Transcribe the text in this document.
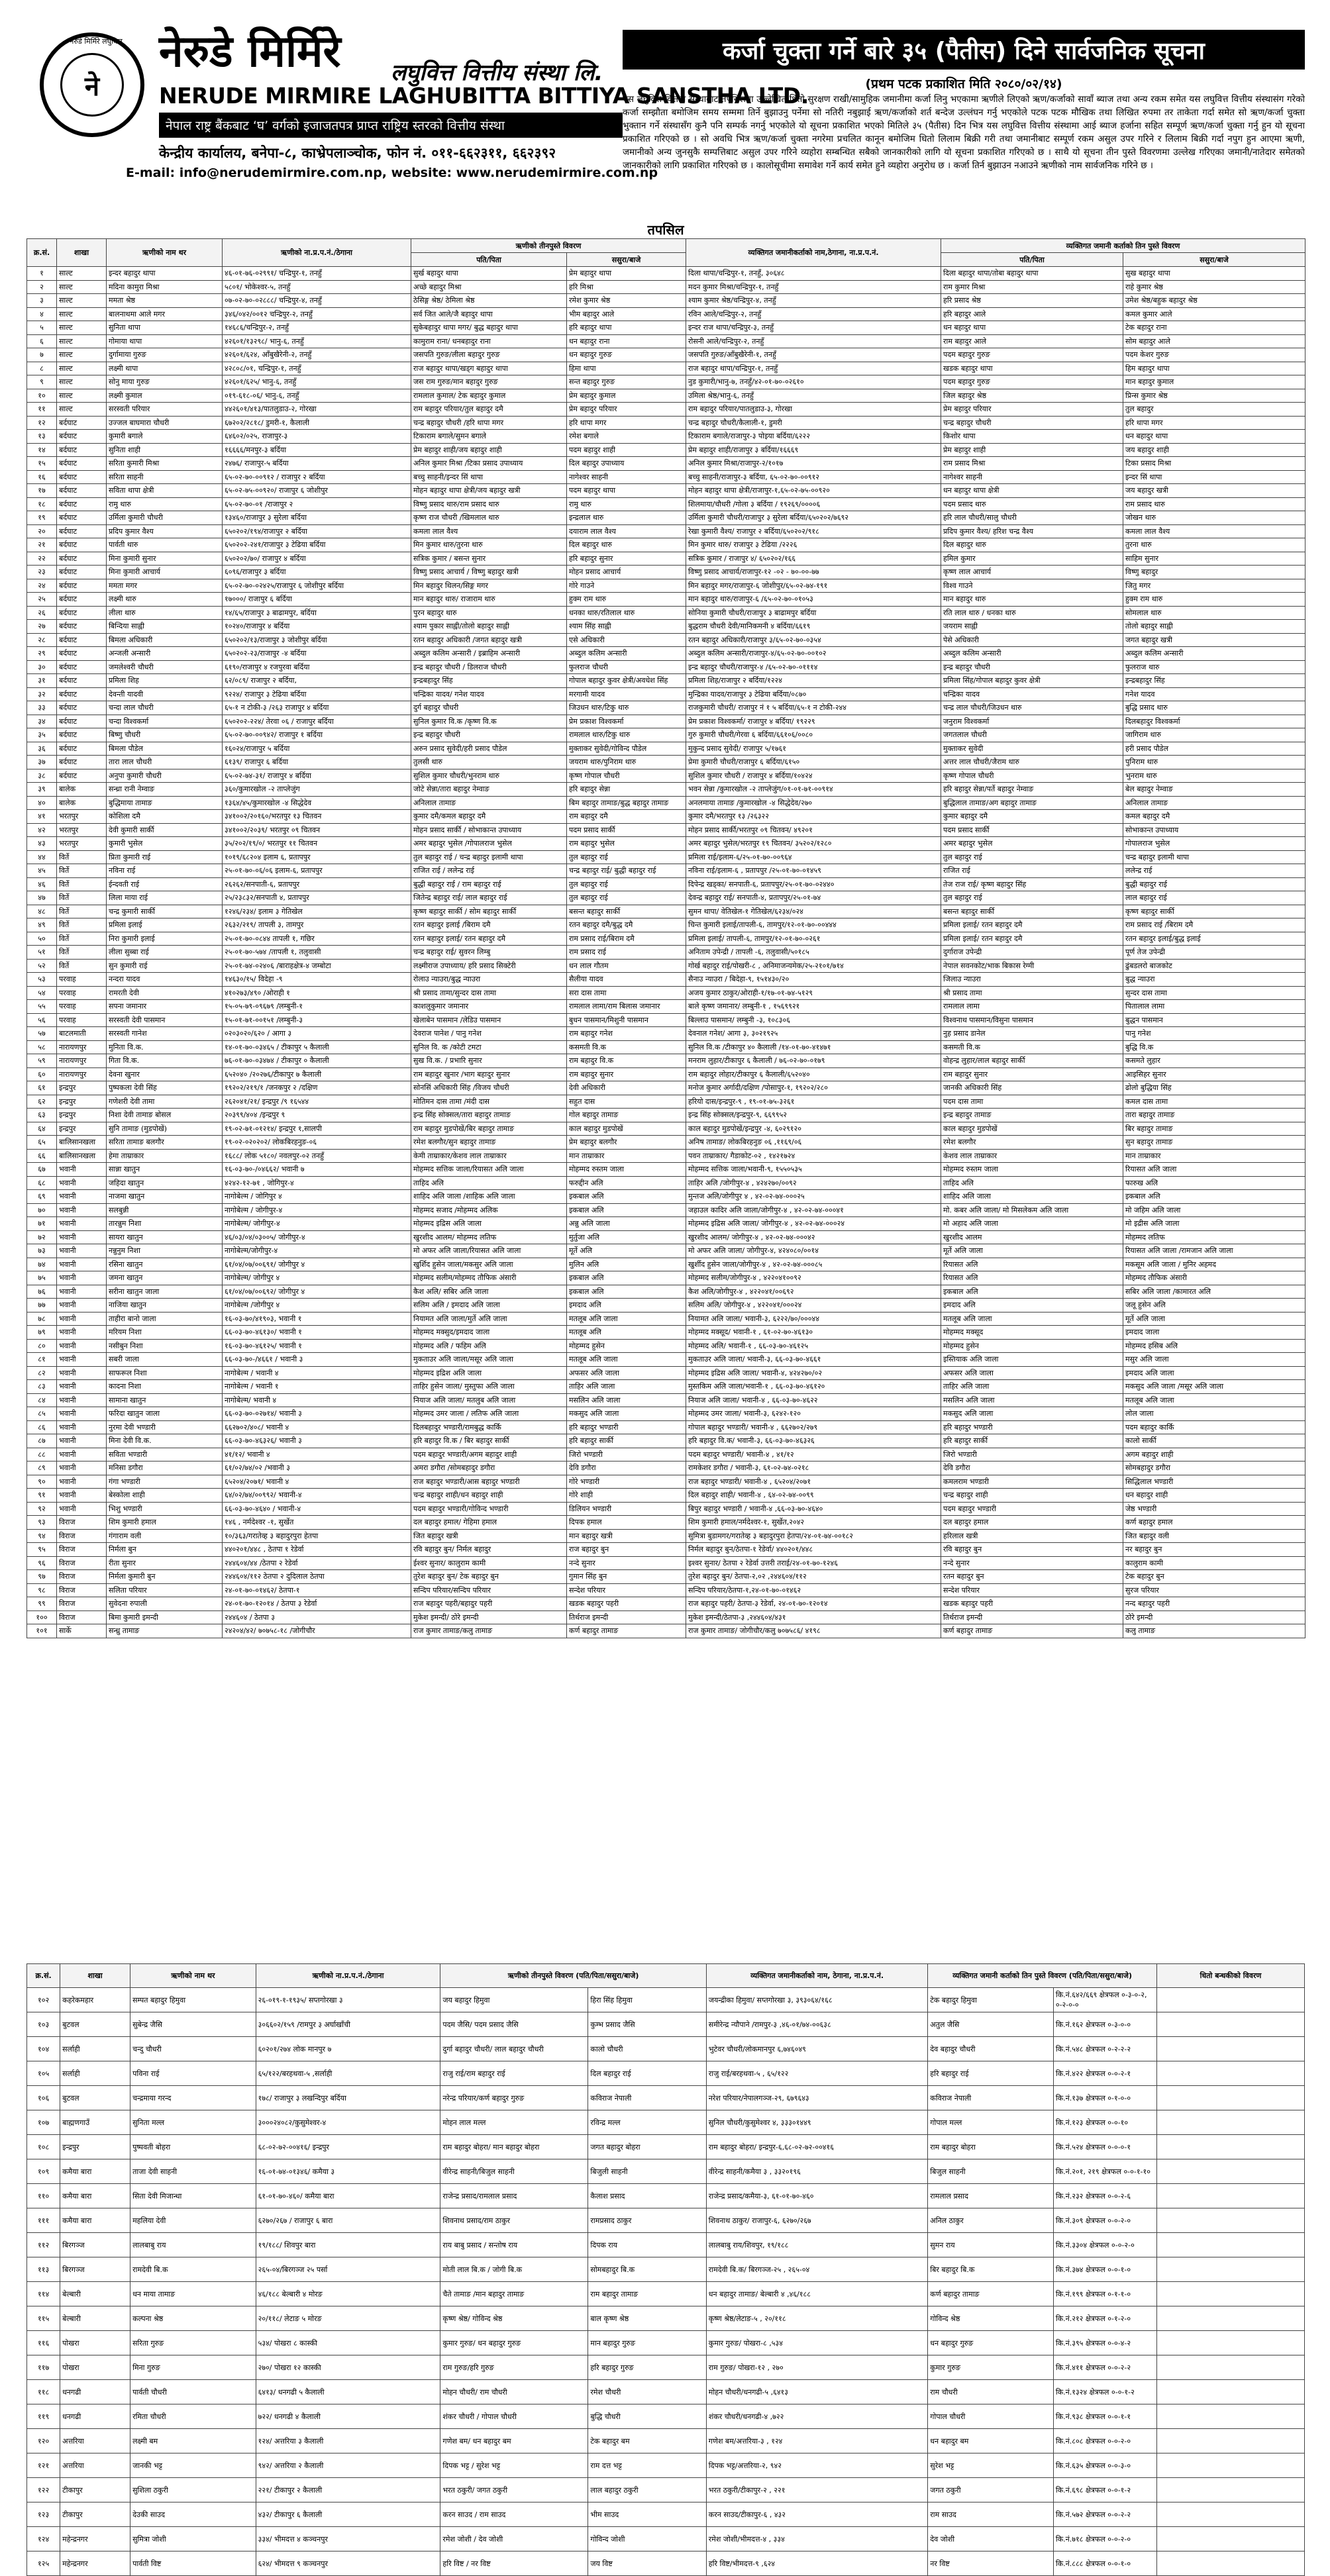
नेरुडे मिर्मिरे लघुवित्त
ने
नेरुडे मिर्मिरे लघुवित्त वित्तीय संस्था लि.
NERUDE MIRMIRE LAGHUBITTA BITTIYA SANSTHA LTD.
नेपाल राष्ट्र बैंकबाट ‘घ’ वर्गको इजाजतपत्र प्राप्त राष्ट्रिय स्तरको वित्तीय संस्था
केन्द्रीय कार्यालय, बनेपा-८, काभ्रेपलाञ्चोक, फोन नं. ०११-६६२३११, ६६२३९२
E-mail: info@nerudemirmire.com.np, website: www.nerudemirmire.com.np
कर्जा चुक्ता गर्ने बारे ३५ (पैतीस) दिने सार्वजनिक सूचना
(प्रथम पटक प्रकाशित मिति २०८०/०२/१४)
यस लघुवित्त वित्तीय संस्थाबाट तपसिलमा उल्लेखित धितो सुरक्षण राखी/सामुहिक जमानीमा कर्जा लिनु भएकामा ऋणीले लिएको ऋण/कर्जाको सावाँ ब्याज तथा अन्य रकम समेत यस लघुवित्त वित्तीय संस्थासंग गरेको कर्जा सम्झौता बमोजिम समय सम्ममा तिर्ने बुझाउनु पर्नेमा सो नतिरी नबुझाई ऋण/कर्जाको शर्त बन्देज उल्लंघन गर्नु भएकोले पटक पटक मौखिक तथा लिखित रुपमा तर ताकेता गर्दा समेत सो ऋण/कर्जा चुक्ता भुक्तान गर्ने संस्थासँग कुनै पनि सम्पर्क नगर्नु भएकोले यो सूचना प्रकाशित भएको मितिले ३५ (पैतीस) दिन भित्र यस लघुवित्त वित्तीय संस्थामा आई ब्याज हर्जाना सहित सम्पूर्ण ऋण/कर्जा चुक्ता गर्नु हुन यो सूचना प्रकाशित गरिएको छ । सो अवधि भित्र ऋण/कर्जा चुक्ता नगरेमा प्रचलित कानून बमोजिम धितो लिलाम बिक्री गरी तथा जमानीबाट सम्पूर्ण रकम असुल उपर गरिने र लिलाम बिक्री गर्दा नपुग हुन आएमा ऋणी, जमानीको अन्य जुनसुकै सम्पत्तिबाट असुल उपर गरिने व्यहोरा सम्बन्धित सबैको जानकारीको लागि यो सूचना प्रकाशित गरिएको छ । साथै यो सूचना तीन पुस्ते विवरणमा उल्लेख गरिएका जमानी/नातेदार समेतको जानकारीको लागि प्रकाशित गरिएको छ । कालोसूचीमा समावेश गर्ने कार्य समेत हुने व्यहोरा अनुरोध छ । कर्जा तिर्न बुझाउन नआउने ऋणीको नाम सार्वजनिक गरिने छ ।
तपसिल
क्र.सं.	शाखा	ऋणीको नाम थर	ऋणीको ना.प्र.प.नं./ठेगाना	ऋणीको तीनपुस्ते विवरण		व्यक्तिगत जमानीकर्ताको नाम,ठेगाना, ना.प्र.प.नं.	व्यक्तिगत जमानी कर्ताको तिन पुस्ते विवरण	
				पति/पिता	ससुरा/बाजे		पति/पिता	ससुरा/बाजे
१	साल्ट	इन्दर बहादुर थापा	४६-०१-७६-०२९९१/ चन्द्रिपुर-१, तनहुँ	सुर्ख बहादुर थापा	प्रेम बहादुर थापा	दिला थापा/चन्द्रिपुर-१, तनहुँ, ३०६४८	दिला बहादुर थापा/तोबा बहादुर थापा	सुख बहादुर थापा
२	साल्ट	मदिना कामुरा मिश्रा	५८०१/ भोकेश्वर-५, तनहुँ	अच्छे बहादुर मिश्रा	हरि मिश्रा	मदन कुमार मिश्रा/चन्द्रिपुर-१, तनहुँ	राम कुमार मिश्रा	राहे कुमार श्रेष्ठ
३	साल्ट	ममता श्रेष्ठ	०७-०२-७०-०२८८८/ चन्द्रिपुर-४, तनहुँ	ठेसिङ्ग श्रेष्ठ/ ठेमिला श्रेष्ठ	रमेश कुमार श्रेष्ठ	श्याम कुमार श्रेष्ठ/चन्द्रिपुर-४, तनहुँ	हरि प्रसाद श्रेष्ठ	उमेश श्रेष्ठ/बहुक बहादुर श्रेष्ठ
४	साल्ट	बालनाथमा आले मगर	३४६/०४२/००१२ चन्द्रिपुर-२, तनहुँ	सर्व जित आले/जै बहादुर थापा	भीम बहादुर आले	रविन आले/चन्द्रिपुर-२, तनहुँ	हरि बहादुर आले	कमल कुमार आले
५	साल्ट	सुनिता थापा	१४६८६/चन्द्रिपुर-२, तनहुँ	सुकेबहादुर थापा मगर/ बुद्ध बहादुर थापा	हरि बहादुर थापा	इन्दर राज थापा/चन्द्रिपुर-३, तनहुँ	धन बहादुर थापा	टेक बहादुर राना
६	साल्ट	गोमाया थापा	४२६०१/१३२९८/ भानु-६, तनहुँ	कामुराम राना/ धनबहादुर राना	धन बहादुर राना	रोसनी आले/चन्द्रिपुर-२, तनहुँ	राम बहादुर आले	सोम बहादुर आले
७	साल्ट	दुर्गामाया गुरुङ	४२६०१/६२४, आँबुखैरेनी-२, तनहुँ	जसपति गुरुङ/लीला बहादुर गुरुङ	धन बहादुर गुरुङ	जसपति गुरुङ/आँबुखैरेनी-१, तनहुँ	पदम बहादुर गुरुङ	पदम केशर गुरुङ
८	साल्ट	लक्ष्मी थापा	४२८०८/०१, चन्द्रिपुर-१, तनहुँ	राज बहादुर थापा/खड्ग बहादुर थापा	हिमा थापा	राज बहादुर थापा/चन्द्रिपुर-१, तनहुँ	खडक बहादुर थापा	हिम बहादुर थापा
९	साल्ट	सोनु माया गुरुङ	४२६०१/६२५/ भानु-६, तनहुँ	जस राम गुरुङ/मान बहादुर गुरुङ	सन्त बहादुर गुरुङ	नुड कुमारी/भानु-७, तनहुँ/४२-०१-७०-०२६१०	पदम बहादुर गुरुङ	मान बहादुर कुमाल
१०	साल्ट	लक्ष्मी कुमाल	०१९-६१८-०६/ भानु-६, तनहुँ	रामलाल कुमाल/ टेक बहादुर कुमाल	प्रेम बहादुर कुमाल	उमिला श्रेष्ठ/भानु-६, तनहुँ	जिल बहादुर श्रेष्ठ	प्रिन्स कुमार श्रेष्ठ
११	साल्ट	सरस्वती परियार	४४२६०१/४१३/पातलुडाउ-२, गोरखा	राम बहादुर परियार/तुल बहादुर दमै	प्रेम बहादुर परियार	राम बहादुर परियार/पातलुडाउ-३, गोरखा	प्रेम बहादुर परियार	तुल बहादुर
१२	बर्दघाट	उज्जल बाघमारा चौधरी	६७२०२/२८१८/ डुमरी-१, कैलाली	चन्द्र बहादुर चौधरी /हरि थापा मगर	हरि थापा मगर	चन्द्र बहादुर चौधरी/कैलाली-१, डुमरी	चन्द्र बहादुर चौधरी	हरि थापा मगर
१३	बर्दघाट	कुमारी बगाले	६४६०२/०२५, राजापुर-३	टिकाराम बगाले/सुमन बगाले	रमेश बगाले	टिकाराम बगाले/राजापुर-३ पोइया बर्दिया/६२२२	किशोर थापा	धन बहादुर थापा
१४	बर्दघाट	सुनिता शाही	१६६६६/मनपुर-३ बर्दिया	प्रेम बहादुर शाही/जय बहादुर शाही	पदम बहादुर शाही	प्रेम बहादुर शाही/राजापुर ३ बर्दिया/१६६६९	प्रेम बहादुर शाही	जय बहादुर शाही
१५	बर्दघाट	सरिता कुमारी मिश्रा	२४७६/ राजापुर-५ बर्दिया	अनिल कुमार मिश्रा /टिका प्रसाद उपाध्याय	दिल बहादुर उपाध्याय	अनिल कुमार मिश्रा/राजापुर-२/१०१७	राम प्रसाद मिश्रा	टिका प्रसाद मिश्रा
१६	बर्दघाट	सरिता साहनी	६५-०२-७०-००९१२ / राजापुर २ बर्दिया	बच्चु साहनी/इन्दर सिं थापा	नागेश्वर साहनी	बच्चु साहनी/राजापुर-३ बर्दिया, ६५-०२-७०-००९१२	नागेश्वर साहनी	इन्दर सिं थापा
१७	बर्दघाट	सविता थापा क्षेत्री	६५-०२-७५-००९२०/ राजापुर ६ जोशीपुर	मोहन बहादुर थापा क्षेत्री/जय बहादुर खत्री	पदम बहादुर थापा	मोहन बहादुर थापा क्षेत्री/राजापुर-१,६५-०२-७५-००९२०	धन बहादुर थापा क्षेत्री	जय बहादुर खत्री
१८	बर्दघाट	रामु थारु	६५-०२-७०-०१ /राजापुर २	विष्णु प्रसाद थारु/राम प्रसाद थारु	रामु थारु	शिलमाया/चौधरी /गोला ३ बर्दिया / १९२६९/००००६	पदम प्रसाद थारु	राम प्रसाद थारु
१९	बर्दघाट	उर्मिला कुमारी चौधरी	१३४६०/राजापुर ३ सुरेला बर्दिया	कृष्ण राज चौधरी /खिमलाल थारु	इन्द्रलाल थारु	उर्मिला कुमारी चौधरी/राजापुर ३ सुरेला बर्दिया/६५०२०२/७६९२	हरि लाल चौधरी/सालु चौधरी	जोखन थारु
२०	बर्दघाट	प्रदिप कुमार वैश्य	६५०२०२/१९४/राजापुर २ बर्दिया	कमला लाल वैश्य	दयाराम लाल वैश्य	रेखा कुमारी वैश्य/ राजापुर २ बर्दिया/६५०२०२/९१८	प्रदिप कुमार वैश्य/ हरिश चन्द्र वैश्य	कमला लाल वैश्य
२१	बर्दघाट	पार्वती थारु	६५०२०२-२४१/राजापुर ३ टेढिया बर्दिया	मिन कुमार थारु/तुरना थारु	दिल बहादुर थारु	मिन कुमार थारु/ राजापुर ३ टेढिया /२२२६	दिल बहादुर थारु	तुरना थारु
२२	बर्दघाट	मिना कुमारी सुनार	६५०२०२/७०/ राजापुर ४ बर्दिया	सत्रिक कुमार / बसन्त सुनार	हरि बहादुर सुनार	सत्रिक कुमार / राजापुर ४/ ६५०२०२/१६६	हमिल कुमार	साहिम सुनार
२३	बर्दघाट	मिना कुमारी आचार्य	६०९६/राजापुर ३ बर्दिया	विष्णु प्रसाद आचार्य / विष्णु बहादुर खत्री	मोहन प्रसाद आचार्य	विष्णु प्रसाद आचार्य/राजापुर-१२ -०२ - ७०-००-७७	कृष्ण लाल आचार्य	विष्णु बहादुर
२४	बर्दघाट	ममता मगर	६५-०२-७०-०२४२५/राजापुर ६ जोशीपुर बर्दिया	मिन बहादुर थिलन/सिङ्ग मगर	गोरे गाउने	मिन बहादुर मगर/राजापुर-६ जोशीपुर/६५-०२-७४-१९१	विश्व गाउने	जितु मगर
२५	बर्दघाट	लक्ष्मी थारु	१७०००/ राजापुर ६ बर्दिया	मान बहादुर थारु/ राजाराम थारु	हुक्म राम थारु	मान बहादुर थारु/राजापुर-६ /६५-०२-७०-०१०५३	मान बहादुर थारु	हुक्म राम थारु
२६	बर्दघाट	लीला थारु	१४/६५/राजापुर ३ बाढामपुर, बर्दिया	पुरन बहादुर थारु	धनका थारु/रतिलाल थारु	सोनिया कुमारी चौधरी/राजापुर ३ बाढामपुर बर्दिया	रति लाल थारु / धनका थारु	सोमलाल थारु
२७	बर्दघाट	बिन्दिया साह्वी	१०२४०/राजापुर ४ बर्दिया	श्याम पुकार साह्वी/तोलो बहादुर साह्वी	श्याम सिंह साह्वी	बुद्धराम चौधरी देवी/मानिकमनी ४ बर्दिया/६६१९	जयराम साह्वी	तोलो बहादुर साह्वी
२८	बर्दघाट	बिमला अधिकारी	६५०२०२/१३/राजापुर ३ जोशीपुर बर्दिया	रतन बहादुर अधिकारी /जगत बहादुर खत्री	एसे अधिकारी	रतन बहादुर अधिकारी/राजापुर ३/६५-०२-७०-०३५४	पेसे अधिकारी	जगत बहादुर खत्री
२९	बर्दघाट	अन्जली अन्सारी	६५०२०२-२३/राजापुर -४ बर्दिया	अब्दुल कलिम अन्सारी / इब्राहिम अन्सारी	अब्दुल कलिम अन्सारी	अब्दुल कलिम अन्सारी/राजापुर-४/६५-०२-७०-००१०२	अब्दुल कलिम अन्सारी	अब्दुल कलिम अन्सारी
३०	बर्दघाट	जमलेश्वरी चौधरी	६१९०/राजापुर ४ रजपुरवा बर्दिया	इन्द्र बहादुर चौधरी / डिलराज चौधरी	फुलराज चौधरी	इन्द्र बहादुर चौधरी/राजापुर-४ /६५-०२-७०-०१११४	इन्द्र बहादुर चौधरी	फुलराज थारु
३१	बर्दघाट	प्रमिला शिह	६२/०८९/ राजापुर २ बर्दिया,	इन्द्रबहादुर सिंह	गोपाल बहादुर कुवर क्षेत्री/अवधेश सिंह	प्रमिला शिह/राजापुर २ बर्दिया/१२२४	प्रमिला सिंह/गोपाल बहादुर कुवर क्षेत्री	इन्द्रबहादुर सिंह
३२	बर्दघाट	देवन्ती यादवी	९२२४/ राजापुर ३ टेढिया बर्दिया	चन्द्रिका यादव/ गनेश यादव	मरगामी यादव	मुन्द्रिका यादव/राजापुर ३ टेढिया बर्दिया/०८७०	चन्द्रिका यादव	गनेश यादव
३३	बर्दघाट	चन्दा लाल चौधरी	६५-१ न टोकी-३ /२६३ राजापुर ४ बर्दिया	दुर्ग बहादुर चौधरी	जिउधन थारु/टिकु थारु	राजकुमारी चौधरी/ राजापुर नं १ ५ बर्दिया/६५-१ न टोकी-२४४	चन्द्र लाल चौधरी/जिउधन थारु	बुद्धि प्रसाद थारु
३४	बर्दघाट	चन्दा विश्वकर्मा	६५०२०२-२२४/ तेरवा ०६ / राजापुर बर्दिया	सुनिल कुमार वि.क /कृष्ण वि.क	प्रेम प्रकाश विश्वकर्मा	प्रेम प्रकाश विश्वकर्मा/ राजापुर ४ बर्दिया/ १९२२९	जनुराम विश्वकर्मा	दिलबहादुर विश्वकर्मा
३५	बर्दघाट	बिष्णु चौधरी	६५-०२-७०-००९४२/ राजापुर १ बर्दिया	इन्द्र बहादुर चौधरी	रामलाल थारु/टिकु थारु	गुरु कुमारी चौधरी/गेरवा ६ बर्दिया/६६१०६/००८०	जगतलाल चौधरी	जागिराम थारु
३६	बर्दघाट	बिमला पौडेल	१६०२४/राजापुर ५ बर्दिया	अरुन प्रसाद सुवेदी/हरी प्रसाद पौडेल	मुक्ताकर सुवेदी/गोविन्द पौडेल	मुकुन्द प्रसाद सुवेदी/ राजापुर ५/१७६१	मुक्ताकर सुवेदी	हरी प्रसाद पौडेल
३७	बर्दघाट	तारा लाल चौधरी	६१३९/ राजापुर ६ बर्दिया	तुलसी थारु	जयराम थारु/पुनिराम थारु	प्रेमा कुमारी चौधरी/राजापुर ६ बर्दिया/६१५०	अत्तर लाल चौधरी/जैराम थारु	पुनिराम थारु
३८	बर्दघाट	अनुपा कुमारी चौधरी	६५-०२-७४-३१/ राजापुर ४ बर्दिया	सुशिल कुमार चौधरी/भुनराम थारु	कृष्ण गोपाल चौधरी	सुशिल कुमार चौधरी / राजापुर ४ बर्दिया/१०४२४	कृष्ण गोपाल चौधरी	भुनराम थारु
३९	बालेक	सन्ध्रा रानी नेम्वाङ	३६०/कुमारखोल -२ ताप्लेजुंग	जोटे सेन्ना/तारा बहादुर नेम्वाङ	हरि बहादुर सेन्ना	भवन सेन्ना /कुमारखोल -२ ताप्लेजुंग/०१-०१-७१-००९१४	हरि बहादुर सेन्ना/पर्ते बहादुर नेम्वाङ	बेल बहादुर नेम्वाङ
४०	बालेक	बुद्धिमाया तामाङ	१३६४/४५/कुमारखोल -४ सिद्धेदेव	अनिलाल तामाङ	बिम बहादुर तामाङ/बुद्ध बहादुर तामाङ	अनलमाया तामाङ /कुमारखोल -४ सिद्धेदेव/२७०	बुद्धिलाल तामाङ/अग बहादुर तामाङ	अनिलाल तामाङ
४१	भरतपुर	कोशिला दमै	३४१००२/२०१६०/भरतपुर १३ चितवन	कुमार दमै/कमल बहादुर दमै	राम बहादुर दमै	कुमार दमै/भरतपुर १३ /२६३२२	कुमार बहादुर दमै	कमल बहादुर दमै
४२	भरतपुर	देवी कुमारी सार्की	३४१००२/२०३९/ भरतपुर ०९ चितवन	मोहन प्रसाद सार्की / सोभाकान्त उपाध्याय	पदम प्रसाद सार्की	मोहन प्रसाद सार्की/भरतपुर ०९ चितवन/ ४९२०१	पदम प्रसाद सार्की	सोभाकान्त उपाध्याय
४३	भरतपुर	कुमारी भुसेल	३५/२०२/१९/०/ भरतपुर ११ चितवन	अमर बहादुर भुसेल /गोपालराज भुसेल	राम बहादुर भुसेल	अमर बहादुर भुसेल/भरतपुर १९ चितवन/ ३५२०२/१२८०	अमर बहादुर भुसेल	गोपालराज भुसेल
४४	विर्ते	प्रिता कुमारी राई	१०१९/६८२०४ इलाम ६, प्रतापपुर	तुल बहादुर राई / चन्द्र बहादुर इलामी थापा	तुल बहादुर राई	प्रमिला राई/इलाम-६/२५-०१-७०-००९६४	तुल बहादुर राई	चन्द्र बहादुर इलामी थापा
४५	विर्ते	नविना राई	२५-०१-७०-०६/०६ इलाम-६, प्रतापपुर	राजित राई / ललेन्द्र राई	चन्द्र बहादुर राई/ बुद्धी बहादुर राई	नविना राई/इलाम-६ , प्रतापपुर /२५-०१-७०-०१४५९	राजित राई	ललेन्द्र राई
४६	विर्ते	ईन्दवती राई	२६२६२/सनपाती-६, प्रतापपुर	बुद्धी बहादुर राई / राम बहादुर राई	तुल बहादुर राई	दिपेन्द्र खड्का/ सनपाती-६, प्रतापपुर/२५-०१-७०-०२४४०	तेज राज राई/ कृष्ण बहादुर सिंह	बुद्धी बहादुर राई
४७	विर्ते	लिला माया राई	२५/२३८३२/सनपाती ४, प्रतापपुर	जितेन्द्र बहादुर राई/ लाल बहादुर राई	तुल बहादुर राई	देवन्द्र बहादुर राई/ सनपाती-४, प्रतापपुर/२५-०१-७४	तुल बहादुर राई	लाल बहादुर राई
४८	विर्ते	चन्द्र कुमारी सार्की	१२४६/२३४/ इलाम ३ गेतिखेल	कृष्ण बहादुर सार्की / सोम बहादुर सार्की	बसन्त बहादुर सार्की	सुमन थापा/ वेतिखेल-१ गेतिखेल/६२३४/०२४	बसन्त बहादुर सार्की	कृष्ण बहादुर सार्की
४९	विर्ते	प्रमिला इलाई	२६३२/२१९/ तापली ३, तामपुर	रतन बहादुर इलाई /बिराम दमै	रतन बहादुर दमै/बुद्ध दमै	चिन्त कुमारी इलाई/तापली-६, तामपुर/१२-०१-७०-००४४४	प्रमिला इलाई/ रतन बहादुर दमै	राम प्रसाद राई /बिराम दमै
५०	विर्ते	निरा कुमारी इलाई	२५-०१-७०-०८४४ तापली १, गछिर	रतन बहादुर इलाई/ रतन बहादुर दमै	राम प्रसाद राई/बिराम दमै	प्रमिला इलाई/ तापली-६, तामपुर/१२-०१-७०-०२६१	प्रमिला इलाई/ रतन बहादुर दमै	रतन बहादुर इलाई/बुद्ध इलाई
५१	विर्ते	लीला सुब्बा राई	२५-०१-७०-५७४ /तापली १, तलुवासी	चन्द्र बहादुर राई/ सुवरन लिम्बु	राम प्रसाद राई	अनिताम उपेन्द्री / तापली -६, तलुवासी/५०१८५	दुर्गाराज उपेन्द्री	पूर्ण तेज उपेन्द्री
५२	विर्ते	सुन कुमारी राई	२५-०१-७४-०२४०६ /बाराहक्षेत्र-४ जम्बोटा	लक्ष्मीराज उपाध्याय/ हरि प्रसाद सिक्टेरी	धन लाल गौतम	गोर्ख बहादुर राई/पोखरी-८ , अनिमाजन्यमेक/२५-२१०१/७१४	नेपाल सवनकोट/भाक बिकास रेग्मी	ढुंबडलरो बाजकोट
५३	परवाह	नन्दरा यादव	१४६३०/१५/ विदेहा -९	रोलाउ न्याउरा/बुद्ध न्याउरा	सैलीया यादव	सैनाउ न्याउरा / बिदेहा-९, १५१४३०/२०	जिलाउ न्याउरा	बुद्ध न्याउरा
५४	परवाह	रामरती देवी	४१०२७३/४९० /ओराही १	श्री प्रसाद तामा/सुन्दर दास तामा	सरा दास तामा	अजय कुमार ठाकुर/ओराही-१/१७-०१-७४-५१२९	श्री प्रसाद तामा	सुन्दर दास तामा
५५	परवाह	सपना जमानार	१५-०५-७९-०९६७९ /लम्बुनी-१	काशलुकुमार जमानार	रामलाल लामा/राम बिलास जमानार	बाले कृष्ण जमानार/ लम्बुनी-१ , १५६९९२१	रामलाल लामा	पितालाल लामा
५६	परवाह	सरस्वती देवी पासमान	१५-०१-७१-००१५१ /लम्बुनी-३	खेलाबेन पासमान /लेडिउ पासमान	बुधन पासमान/मिशुनी पासमान	बिल्लाउ पासमान/ लम्बुनी -३, १०८३०६	विश्वनाथ पासमान/विसुना पासमान	बुद्धन पासमान
५७	बाटलमाती	सरस्वती गानेश	०२०३०२०/६२० / आगा ३	देवराज पानेश / पानु गनेश	राम बहादुर गनेश	देवनाल गनेश/ आगा ३, ३०२१९२५	नुह प्रसाद डानेल	पानु गनेश
५८	नारायणपुर	मुनिता वि.क.	१४-०१-७०-०३४६५ / टीकापुर ५ कैलाली	सुनिल वि. क /कोटी टमटा	कसमती वि.क	सुनिल वि.क /टीकापुर ४० कैलाली /१४-०१-७०-४१४७१	कसमती वि.क	बुद्धि वि.क
५९	नारायणपुर	गिता वि.क.	७६-०१-७०-०३४७४ / टीकापुर ० कैलाली	सुख वि.क. / प्रभारि सुनार	राम बहादुर वि.क	मनराम लुहार/टीकापुर ६ कैलाली / ७६-०२-७०-०१७९	वोहन्द्र लुहार/लाल बहादुर सार्की	कसमते लुहार
६०	नारायणपुर	देवना खुनार	६५२०४० /२०२७६/टीकापुर ७ कैलाली	राम बहादुर खुनार /भाग बहादुर सुनार	राम बहादुर सुनार	राम बहादुर लोहार/टीकापुर ६ कैलाली/६५२०४०	राम बहादुर सुनार	आइसिहर सुनार
६१	इन्द्रपुर	पुष्पकला देवी सिंह	१९२०२/२१९/१ /जनकपुर २ /दक्षिण	सोनसिं अधिकारी सिंह /विजय चौधरी	देवी अधिकारी	मनोज कुमार अर्गादी/दक्षिण /पोसापुर-१, १९२०२/२८०	जानकी अधिकारी सिंह	ढोलो बुद्धिया सिंह
६२	इन्द्रपुर	गणेशरी देवी तामा	२६२०४१/२१/ इन्द्रपुर /९ १६५४४	मोतिमन दास तामा /मंदी दास	सहुत दास	हरियो दास/इन्द्रपुर-९ , १९-०१-७५-३२६१	पदम दास तामा	कमल दास तामा
६३	इन्द्रपुर	निशा देवी तामाङ बोसल	२०३९९/४०४ /इन्द्रपुर ९	इन्द्र सिंह सोक्सल/तारा बहादुर तामाङ	गोल बहादुर तामाङ	इन्द्र सिंह सोक्सल/इन्द्रपुर-९, ६६९९५२	इन्द्र बहादुर तामाङ	तारा बहादुर तामाङ
६४	इन्द्रपुर	सुनि तामाङ (मुडपोखें)	१९-०२-७१-०१२१४/ इन्द्रपुर १,सालपी	राम बहादुर मुडपोखें/बिर बहादुर तामाङ	काल बहादुर मुडपोखें	काल बहादुर मुडपोखें/इन्द्रपुर -४, ६०२९१२०	काल बहादुर मुडपोखें	बिर बहादुर तामाङ
६५	बालिसानखला	सरिता तामाङ बलगौर	१९-०२-०२०२०२/ लोकबिरहनुङ-०६	रमेश बलगौर/सुन बहादुर तामाङ	प्रेम बहादुर बलगौर	अनिष तामाङ/ लोकबिरहनुङ ०६ ,११६९/०६	रमेश बलगौर	सुन बहादुर तामाङ
६६	बालिसानखला	हेमा ताम्राकार	१६८८/ लोक ५१८०/ नवलपुर-०२ तनहुँ	केमी ताम्राकार/केशव लाल ताम्राकार	मान ताम्राकार	पवन ताम्राकार/ गैडाकोट-०२ , १४२१७२४	केशव लाल ताम्राकार	मान ताम्राकार
६७	भवानी	सान्ना खातुन	१६-०३-७०-/०४६६२/ भवानी ७	मोहम्मद सत्तिक जाला/रियासत अलि जाला	मोहम्मद रुस्तम जाला	मोहम्मद सत्तिक जाला/भवानी-९, १५५०५३५	मोहम्मद रुस्तम जाला	रियासत अलि जाला
६८	भवानी	जहिदा खातुन	४२४२-१२-७१ , जोगिपुर-४	ताहिद अलि	फरुद्दीन अलि	ताहिर अलि /जोगीपुर-४ , ४२४२७०/००९२	ताहिद अलि	फारुख अलि
६९	भवानी	नाजमा खातुन	नागोबेल्म / जोगिपुर ४	शाहिद अलि जाला /शाहिक अलि जाला	इकबाल अलि	मुन्तज अलि/जोगीपुर ४ , ४२-०२-७४-०००२५	शाहिद अलि जाला	इकबाल अलि
७०	भवानी	सलबुन्नी	नागोबेल्म / जोगीपुर-४	मोहम्मद सजाद /मोहम्मद अलिक	इकबाल अलि	जहाउल कादिर अलि जाला/जोगीपुर-४ , ४२-०२-७४-०००४१	मो. कबर अलि जाला/ मो मिसलेकम अलि जाला	मो जहिम अलि जाला
७१	भवानी	तारन्नुम निशा	नागोबेल्म/ जोगीपुर-४	मोहम्मद इद्रिस अलि जाला	अन्नु अलि जाला	मोहम्मद इद्रिस अलि जाला/ जोगीपुर-४ , ४२-०२-७४-०००२४	मो अहाद अलि जाला	मो इद्रीस अलि जाला
७२	भवानी	सायरा खातुन	४६/०३/०४/०३००५/ जोगीपुर-४	खुरशीद आलम/ मोहम्मद लतिफ	मुर्तुजा अलि	खुरशीद आलम/ जोगीपुर-४ , ४२-०२-७४-०००४२	खुरशीद आलम	मोहम्मद लतिफ
७३	भवानी	नन्नुनुम निशा	नागोबेल्म/जोगीपुर-४	मो अफर अलि जाला/रियासत अलि जाला	मूर्ते अलि	मो अफर अलि जाला/ जोगीपुर-४, ४२४०८०/००१४	मूर्ते अलि जाला	रियासत अलि जाला /रामजान अलि जाला
७४	भवानी	रसिना खातुन	६१/०४/०७/००६९१/ जोगीपुर ४	खुर्शिद हुसेन जाला/मकसुर अलि जाला	मुलिन अलि	खुर्शीद हुसेन जाला/जोगीपुर-४ , ४२-०२-७४-०००८५	रियासत अलि	मकसूम अलि जाला / मुनिर अहमद
७५	भवानी	जमना खातुन	नागोबेल्म/ जोगीपुर ४	मोहम्मद सलीम/मोहम्मद तौफिक अंसारी	इकबाल अलि	मोहम्मद सलीम/जोगीपुर-४ , ४२२०४१००९२	रियासत अलि	मोहम्मद तौफिक अंसारी
७६	भवानी	सरीना खातुन जाला	६१/०४/०७/००६९२/ जोगीपुर ४	कैश अलि/ सबिर अलि जाला	इकबाल अलि	कैश अलि/जोगीपुर-४ , ४२२०४१/००६९२	इकबाल अलि	सबिर अलि जाला /कामारत अलि
७७	भवानी	नाजिया खातुन	नागोबेल्म /जोगीपुर ४	सलिम अलि / इमदाद अलि जाला	इमदाद अलि	सलिम अलि/ जोगीपुर-४ , ४२२०४१/०००२४	इमदाद अलि	जलू हुसेन अलि
७८	भवानी	ताहीरा बानो जाला	१६-०३-७०/४१९०३, भवानी १	नियामत अलि जाला/मुर्ते अलि जाला	मतलूब अलि जाला	नियामत अलि जाला/ भवानी-३, ६२२२/७०/०००४४	मतलूब अलि जाला	मूर्ते अलि जाला
७९	भवानी	मरियम निशा	६६-०३-७०-४६१३०/ भवानी १	मोहम्मद मक्सुद/इमदाद जाला	मतलूब अलि	मोहम्मद मक्सूद/ भवानी-१ , ६१-०२-७०-४६१३०	मोहम्मद मक्सूद	इमदाद जाला
८०	भवानी	नसीबुन निशा	१६-०३-७०-४६१२५/ भवानी १	मोहम्मद अलि / फहिम अलि	मोहम्मद हुसेन	मोहम्मद अलि/ भवानी-१ , ६६-०३-७०-४६१२५	मोहम्मद हुसेन	मोहम्मद हसिब अलि
८१	भवानी	सबरी जाला	६६-०३-७०-/४६६१ / भवानी ३	मुकताउर अलि जाला/मसूर अलि जाला	मतलूब अलि जाला	मुकताउर अलि जाला/ भवानी-३, ६६-०३-७०-४६६१	इस्तियाक अलि जाला	मसुर अलि जाला
८२	भवानी	साफरूल निशा	नागोबेल्म / भवानी ४	मोहम्मद इद्रिश अलि जाला	अफसर अलि जाला	मोहम्मद इद्रिस अलि जाला/ भवानी-४, ४२४२७०/०२	अफसर अलि जाला	इमदाद अलि जाला
८३	भवानी	कादना निशा	नागोबेल्म / भवानी १	ताहिर हुसेन जाला/ मुस्तुफा अलि जाला	ताहिर अलि जाला	मुस्तकिम अलि जाला/भवानी-१ , ६६-०३-७०-४६१२०	ताहिर अलि जाला	मकसुद अलि जाला /मसूर अलि जाला
८४	भवानी	सामाना खातुन	नागोबेल्म/ भवानी ४	नियाज अलि जाला/ मतलुब अलि जाला	मसलिन अलि जाला	नियाज अलि जाला/ भवानी-४ , ६६-०३-७०-४६२२	मसलिन अलि जाला	मतलूब अलि जाला
८५	भवानी	फरिदा खातुन जाला	६६-०३-७०-०२७१४/ भवानी ३	मोहम्मद उमर जाला / लतिफ अलि जाला	मकसुद अलि जाला	मोहम्मद उमर जाला/ भवानी-३, ६२४२-१२०	मकसुद अलि जाला	लोल जाला
८६	भवानी	नुरमा देवी भण्डारी	६६२७०२/४०८/ भवानी ४	दिलबहादुर भण्डारी/रामबुद्ध कार्कि	हरि बहादुर भण्डारी	गोपाल बहादुर भण्डारी/ भवानी-४ , ६६२७०२/२७९	हरि बहादुर भण्डारी	पदम बहादुर कार्कि
८७	भवानी	मिना देवी वि.क.	६६-०३-७०-४६३२६/ भवानी ३	हरि बहादुर वि.क / बिर बहादुर सार्की	हरि बहादुर सार्की	हरि बहादुर वि.क/ भवानी-३, ६६-०३-७०-४६३२६	हरि बहादुर सार्की	कालो सार्की
८८	भवानी	सविता भण्डारी	४१/१२/ भवानी ४	पदम बहादुर भण्डारी/अगम बहादुर शाही	जिरो भण्डारी	पदम बहादुर भण्डारी/ भवानी-४ , ४१/१२	जिरो भण्डारी	अगम बहादुर शाही
८९	भवानी	मनिसा डगौरा	६१/०२/७४/०२ /भवानी ३	अमरा डगौरा /सोमबहादुर डगौरा	देवि डगौरा	रामकेशर डगौरा / भवानी-३, ६१-०२-७४-०२१८	देवि डगौरा	सोमबहादुर डगौरा
९०	भवानी	गंगा भण्डारी	६५२०४/२०७१/ भवानी ४	राज बहादुर भण्डारी/आस बहादुर भण्डारी	गोरे भण्डारी	राज बहादुर भण्डारी/ भवानी-४ , ६५२०४/२०७१	कमलराम भण्डारी	सिद्धिलाल भण्डारी
९१	भवानी	बेस्कोला शाही	६४/०२/७४/००९९२/ भवानी-४	चन्द्र बहादुर शाही/धन बहादुर शाही	गोरे शाही	दिल बहादुर शाही/ भवानी-४ , ६४-०२-७४-००९९	चन्द्र बहादुर शाही	धन बहादुर शाही
९२	भवानी	भिशु भण्डारी	६६-०३-७०-४६४० / भवानी-४	पदम बहादुर भण्डारी/गोविन्द भण्डारी	डिलियन भण्डारी	बिपुर बहादुर भण्डारी / भवानी-४ ,६६-०३-७०-४६४०	पदम बहादुर भण्डारी	जेष्ठ भण्डारी
९३	विराज	शिम कुमारी हमाल	१४६ , नर्मदेश्वर -१, सुर्खेत	दल बहादुर हमाल/ गेहिमा हमाल	दिपक हमाल	शिम कुमारी हमाल/नर्मदेश्वर-१, सुर्खेत,२०४२	दल बहादुर हमाल	कर्ण बहादुर हमाल
९४	विराज	गंगाराम वली	१०/३६३/गरातेव्ह ३ बहादुरपुरा हेतपा	जित बहादुर खत्री	मान बहादुर खत्री	सुमित्रा बुडामगर/गरातेव्ह ३ बहादुरपुरा हेतपा/२४-०१-७४-००१८२	हरिलाल खत्री	जित बहादुर वली
९५	विराज	निर्मला बुन	४४०२०१/४४८ , ठेतपा १ रेडेर्वा	रवि बहादुर बुन/ निर्मल बहादुर	राज बहादुर बुन	निर्मल बहादुर बुन/ठेतपा-१ रेडेर्वा/ ४४०२०१/४४८	रवि बहादुर बुन	नर बहादुर बुन
९६	विराज	रीता सुनार	२४४६०४/४४ /ठेतपा २ रेडेर्वा	ईश्वर सुनार/ कालुराम कामी	नन्दे सुनार	इश्वर सुनार/ ठेतपा २ रेडेर्वा उत्तरी तराई/२४-०१-७०-१२४६	नन्दे सुनार	कालुराम कामी
९७	विराज	निर्मला कुमारी बुन	२४४६०४/११२ ठेतपा २ दुदिलाल ठेतपा	तुरेश बहादुर बुन/ टेक बहादुर बुन	गुमान सिंह बुन	तुरेश बहादुर बुन/ ठेतपा-२,०२ ,२४४६०४/११२	रतन बहादुर बुन	टेक बहादुर बुन
९८	विराज	सलिता परियार	२४-०१-७०-०१४६२/ ठेतपा-१	सन्दिप परियार/सन्दिप परियार	सन्देश परियार	सन्दिप परियार/ठेतपा-१,२४-०१-७०-०१४६२	सन्देश परियार	सुरज परियार
९९	विराज	सुवेदना रुपाली	२४-०१-७०-१२०१४ / ठेतपा ३ रेडेर्वा	राज बहादुर पहरी/बहादुर पहरी	खडक बहादुर पहरी	राज बहादुर पहरी/ ठेतपा-३ रेडेर्वा, २४-०१-७०-१२०१४	खडक बहादुर पहरी	नन्द बहादुर पहरी
१००	विराज	बिमा कुमारी इमन्दी	२४४६०४ / ठेतपा ३	मुकेश इमन्दी/ ठोरे इमन्दी	तिर्थराज इमन्दी	मुकेश इमन्दी/ठेतपा-३ ,२४४६०४/४३१	तिर्थराज इमन्दी	ठोरे इमन्दी
१०१	सार्के	सन्ध्रु तामाङ	२४२०४/४२/ ७०७५८-१८ /जोगीचौर	राज कुमार तामाङ/कलु तामाङ	कर्ण बहादुर तामाङ	राज कुमार तामाङ/ जोगीचौर/कलु ७०७५८६/ ४१९८	कर्ण बहादुर तामाङ	कलु तामाङ
क्र.सं.	शाखा	ऋणीको नाम थर	ऋणीको ना.प्र.प.नं./ठेगाना	ऋणीको तीनपुस्ते विवरण (पति/पिता/ससुरा/बाजे)		व्यक्तिगत जमानीकर्ताको नाम, ठेगाना, ना.प्र.प.नं.	व्यक्तिगत जमानी कर्ताको तिन पुस्ते विवरण (पति/पिता/ससुरा/बाजे)		धितो बन्धकीको विवरण
१०२	कहरेकमहार	सम्पत बहादुर हिमुवा	२६-०१९-१-१९३५/ सप्तगोरखा ३	जय बहादुर हिमुवा	हिरा सिंह हिमुवा	जयन्द्रीका हिमुवा/ सप्तगोरखा ३, ३९३०६४/१६८	टेक बहादुर हिमुवा	कि.नं.६४२/६६९ क्षेत्रफल ०-३-०-२, ०-२-०-०	
१०३	बुटवल	सुबेन्द्र जैसि	३०६६०२/१५९ /रामपुर ३ अर्घाखाँची	पदम जैसि/ पदम प्रसाद जैसि	कुम्भ प्रसाद जैसि	समीरेन्द्र न्यौपाने /रामपुर-३ ,४६-०१/७४-००६३८	अतुल जैसि	कि.नं.१६२ क्षेत्रफल ०-३-०-०	
१०४	सर्लाही	चन्दु चौधरी	६०२०१/२७४ लोक मानपुर ७	दुर्गा बहादुर चौधरी/ लाल बहादुर चौधरी	कालो चौधरी	भुटेवर चौधरी/लोकमानपुर ६,७४६०४९	देव बहादुर चौधरी	कि.नं.५४८ क्षेत्रफल ०-२-२-२	
१०५	सर्लाही	पविना राई	६५/१२२/बरहथवा-५ ,सर्लाही	राजु राई/राम बहादुर राई	दिल बहादुर राई	राजु राई/बरहथवा-५ , ६५/१२२	हरि बहादुर राई	कि.नं.४२२ क्षेत्रफल ०-०-२-१	
१०६	बुटवल	चन्द्रमाया गरन्द	१७८/ राजापुर ३ लखन्दिपुर बर्दिया	नरेन्द्र परियार/कर्ण बहादुर गुरुङ	कविराज नेपाली	नरेश परियार/नेपालगञ्ज-२९, ६७९६४३	कविराज नेपाली	कि.नं.१३७ क्षेत्रफल ०-१-०-०	
१०७	बाह्मणगाउँ	सुनिता मल्ल	३०००२४०८२/कुसुमेश्वर-४	मोहन लाल मल्ल	रविन्द्र मल्ल	सुनिल चौधरी/कुसुमेश्वर ४, ३३३०१४४९	गोपाल मल्ल	कि.नं.१२३ क्षेत्रफल ०-०-१०	
१०८	इन्द्रपुर	पुष्पवती बोहरा	६८-०२-७२-००४१६/ इन्द्रपुर	राम बहादुर बोहरा/ मान बहादुर बोहरा	जगत बहादुर बोहरा	राम बहादुर बोहरा/ इन्द्रपुर-६,६८-०२-७२-००४१६	राम बहादुर बोहरा	कि.नं.५२४ क्षेत्रफल ०-०-०-१	
१०९	कमैया बारा	ताजा देवी साहनी	१६-०१-७४-०१३४६/ कमैया ३	वीरेन्द्र साहनी/बिजुल साहनी	बिजुली साहनी	वीरेन्द्र साहनी/कमैया ३ , ३३२०१९६	बिजुल साहनी	कि.नं.२०१, २१९ क्षेत्रफल ०-०-१-१०	
११०	कमैया बारा	सिता देवी मिजान्धा	६१-०१-७०-४६०/ कमैया बारा	राजेन्द्र प्रसाद/रामलाल प्रसाद	कैलाश प्रसाद	राजेन्द्र प्रसाद/कमैया-३, ६१-०१-७०-४६०	रामलाल प्रसाद	कि.नं.२३२ क्षेत्रफल ०-०-२-६	
१११	कमैया बारा	महलिया देवी	६२७०/२६७ / राजापुर ६ बारा	शिवनाथ प्रसाद/राम ठाकुर	रामप्रसाद ठाकुर	शिवनाथ ठाकुर/ राजापुर-६, ६२७०/२६७	अनिल ठाकुर	कि.नं.३०९ क्षेत्रफल ०-०-२-०	
११२	बिरगञ्ज	लालबाबु राय	१९/१८८/ शिवपुर बारा	राय बाबु प्रसाद / सन्तोष राय	दिपक राय	लालबाबु राय/शिवपुर, १९/१८८	सुमन राय	कि.नं.३३०४ क्षेत्रफल ०-०-२-०	
११३	बिरगञ्ज	रामदेवी बि.क	२६५-०४/बिरगञ्ज २५ पर्सा	मोती लाल बि.क / जोगी बि.क	सोमबहादुर बि.क	रामदेवी बि.क/ बिरगञ्ज-२५ , २६५-०४	बिर बहादुर बि.क	कि.नं.३७४ क्षेत्रफल ०-०-१-०	
११४	बेल्बारी	धन माया तामाङ	४६/१८८ बेल्बारी ४ मोरङ	चैते तामाङ /मान बहादुर तामाङ	राम बहादुर तामाङ	धन बहादुर तामाङ/ बेल्बारी ४ ,४६/१८८	कर्ण बहादुर तामाङ	कि.नं.१९९ क्षेत्रफल ०-१-१-०	
११५	बेल्बारी	कल्पना श्रेष्ठ	२०/११८/ लेटाङ ५ मोरङ	कृष्ण श्रेष्ठ/ गोविन्द श्रेष्ठ	बाल कृष्ण श्रेष्ठ	कृष्ण श्रेष्ठ/लेटाङ-५ , २०/११८	गोविन्द श्रेष्ठ	कि.नं.२१२ क्षेत्रफल ०-१-२-०	
११६	पोखरा	सरिता गुरुङ	५३४/ पोखरा ८ कास्की	कुमार गुरुङ/ धन बहादुर गुरुङ	मान बहादुर गुरुङ	कुमार गुरुङ/ पोखरा-८ ,५३४	धन बहादुर गुरुङ	कि.नं.३९५ क्षेत्रफल ०-०-४-२	
११७	पोखरा	मिना गुरुङ	२७०/ पोखरा १२ कास्की	राम गुरुङ/हरि गुरुङ	हरि बहादुर गुरुङ	राम गुरुङ/ पोखरा-१२ , २७०	कुमार गुरुङ	कि.नं.४११ क्षेत्रफल ०-०-२-२	
११८	धनगढी	पार्वती चौधरी	६४१३/ धनगढी ५ कैलाली	मोहन चौधरी/ राम चौधरी	रमेश चौधरी	मोहन चौधरी/धनगढी-५ ,६४१३	राम चौधरी	कि.नं.१३२४ क्षेत्रफल ०-०-१-२	
११९	धनगढी	रमिता चौधरी	७२२/ धनगढी ४ कैलाली	शंकर चौधरी / गोपाल चौधरी	बुद्धि चौधरी	शंकर चौधरी/धनगढी-४ ,७२२	गोपाल चौधरी	कि.नं.९३८ क्षेत्रफल ०-०-१-१	
१२०	अत्तरिया	लक्ष्मी बम	१२४/ अत्तरिया ३ कैलाली	गणेश बम/ धन बहादुर बम	टेक बहादुर बम	गणेश बम/अत्तरिया-३ , १२४	धन बहादुर बम	कि.नं.८०८ क्षेत्रफल ०-०-२-०	
१२१	अत्तरिया	जानकी भट्ट	९४२/ अत्तरिया २ कैलाली	दिपक भट्ट / सुरेश भट्ट	राम दत्त भट्ट	दिपक भट्ट/अत्तरिया-२, ९४२	सुरेश भट्ट	कि.नं.६३५ क्षेत्रफल ०-०-३-०	
१२२	टीकापुर	सुशिला ठकुरी	२२१/ टीकापुर २ कैलाली	भरत ठकुरी/ जगत ठकुरी	लाल बहादुर ठकुरी	भरत ठकुरी/टीकापुर-२ , २२१	जगत ठकुरी	कि.नं.६९८ क्षेत्रफल ०-०-१-२	
१२३	टीकापुर	देउकी साउद	४३२/ टीकापुर ६ कैलाली	करन साउद / राम साउद	भीम साउद	करन साउद/टीकापुर-६ , ४३२	राम साउद	कि.नं.५७२ क्षेत्रफल ०-०-२-२	
१२४	महेन्द्रनगर	सुमित्रा जोशी	३३४/ भीमदत्त ४ कञ्चनपुर	रमेश जोशी / देव जोशी	गोविन्द जोशी	रमेश जोशी/भीमदत्त-४ , ३३४	देव जोशी	कि.नं.७१८ क्षेत्रफल ०-०-२-०	
१२५	महेन्द्रनगर	पार्वती विष्ट	६२४/ भीमदत्त ९ कञ्चनपुर	हरि विष्ट / नर विष्ट	जय विष्ट	हरि विष्ट/भीमदत्त-९ ,६२४	नर विष्ट	कि.नं.८८८ क्षेत्रफल ०-०-१-०	
